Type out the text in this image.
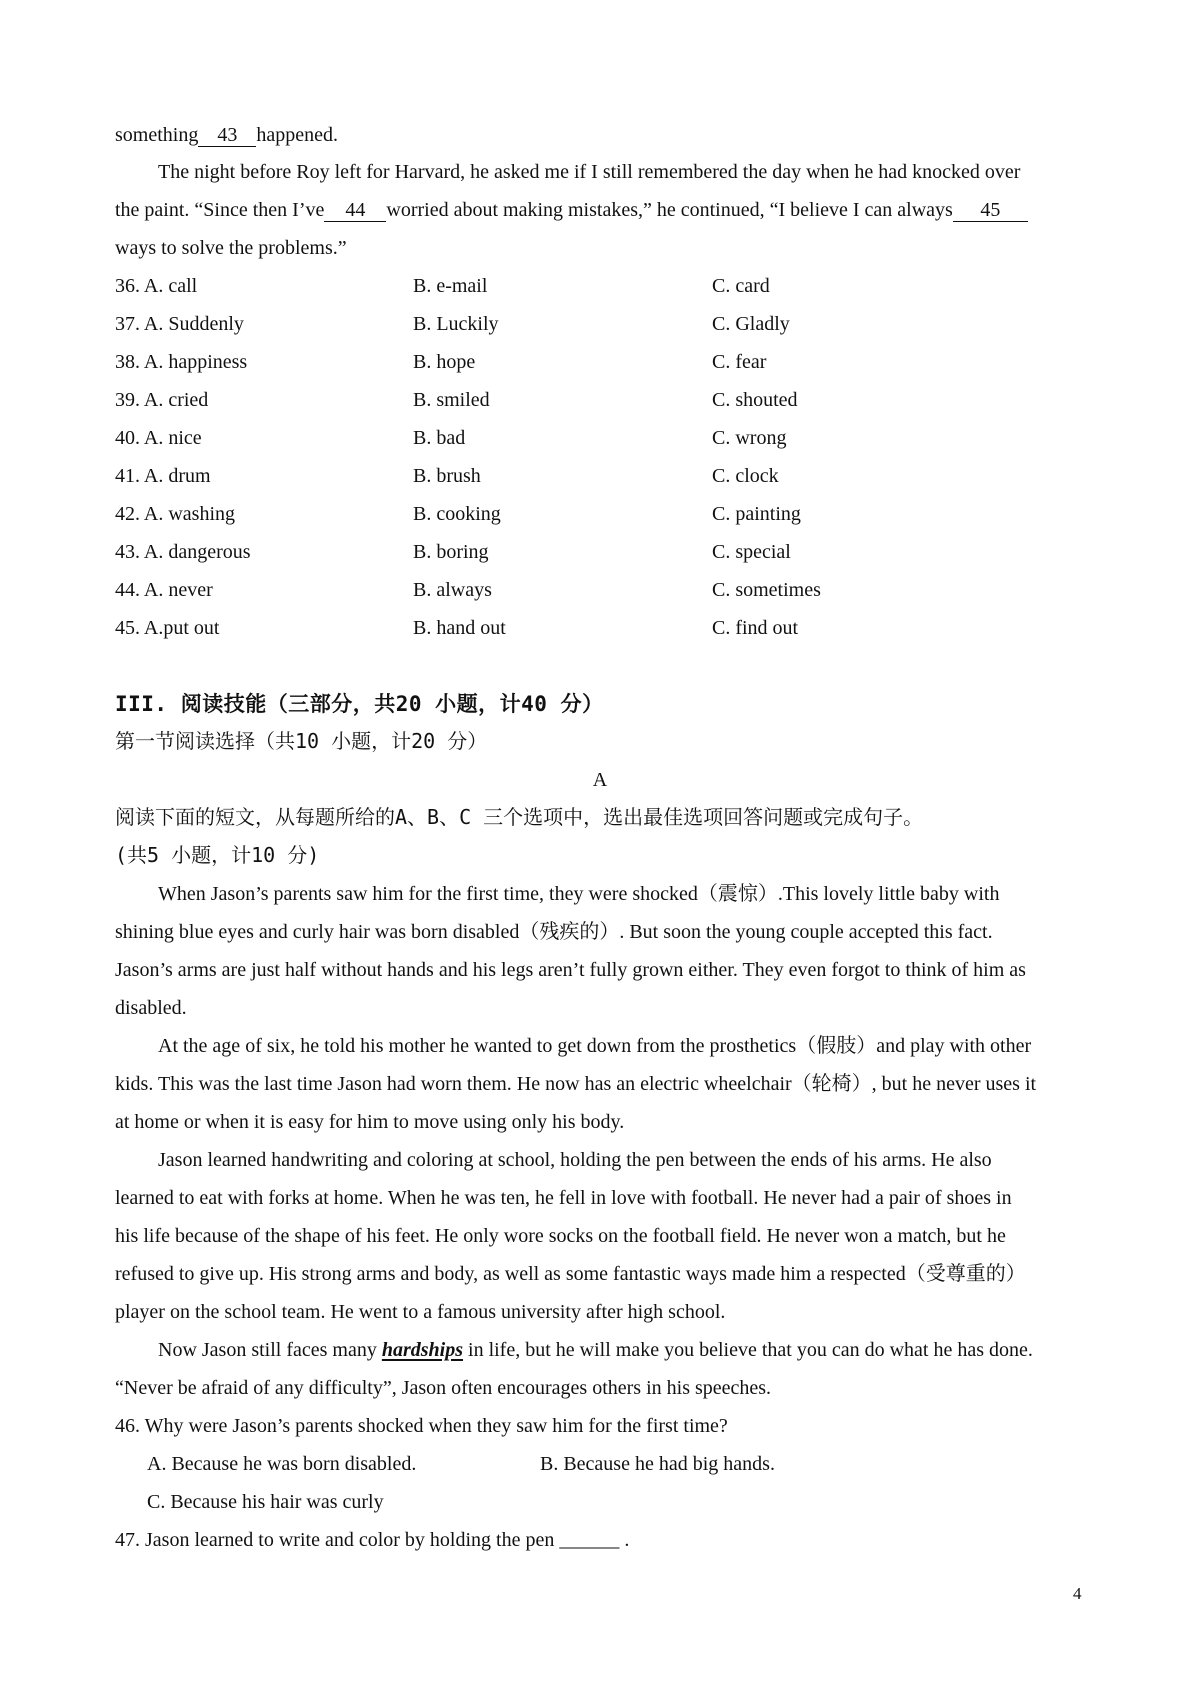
something 43 happened.
The night before Roy left for Harvard, he asked me if I still remembered the day when he had knocked over
the paint. “Since then I’ve 44 worried about making mistakes,” he continued, “I believe I can always 45
ways to solve the problems.”
36. A. call	B. e-mail	C. card
37. A. Suddenly	B. Luckily	C. Gladly
38. A. happiness	B. hope	C. fear
39. A. cried	B. smiled	C. shouted
40. A. nice	B. bad	C. wrong
41. A. drum	B. brush	C. clock
42. A. washing	B. cooking	C. painting
43. A. dangerous	B. boring	C. special
44. A. never	B. always	C. sometimes
45. A.put out	B. hand out	C. find out
III. 阅读技能（三部分，共20 小题，计40 分）
第一节阅读选择（共10 小题，计20 分）
A
阅读下面的短文，从每题所给的A、B、C 三个选项中，选出最佳选项回答问题或完成句子。
(共5 小题，计10 分)
When Jason’s parents saw him for the first time, they were shocked（震惊）.This lovely little baby with
shining blue eyes and curly hair was born disabled（残疾的）. But soon the young couple accepted this fact.
Jason’s arms are just half without hands and his legs aren’t fully grown either. They even forgot to think of him as
disabled.
At the age of six, he told his mother he wanted to get down from the prosthetics（假肢）and play with other
kids. This was the last time Jason had worn them. He now has an electric wheelchair（轮椅）, but he never uses it
at home or when it is easy for him to move using only his body.
Jason learned handwriting and coloring at school, holding the pen between the ends of his arms. He also
learned to eat with forks at home. When he was ten, he fell in love with football. He never had a pair of shoes in
his life because of the shape of his feet. He only wore socks on the football field. He never won a match, but he
refused to give up. His strong arms and body, as well as some fantastic ways made him a respected（受尊重的）
player on the school team. He went to a famous university after high school.
Now Jason still faces many hardships in life, but he will make you believe that you can do what he has done.
“Never be afraid of any difficulty”, Jason often encourages others in his speeches.
46. Why were Jason’s parents shocked when they saw him for the first time?
A. Because he was born disabled.	B. Because he had big hands.
C. Because his hair was curly
47. Jason learned to write and color by holding the pen ______ .
4
